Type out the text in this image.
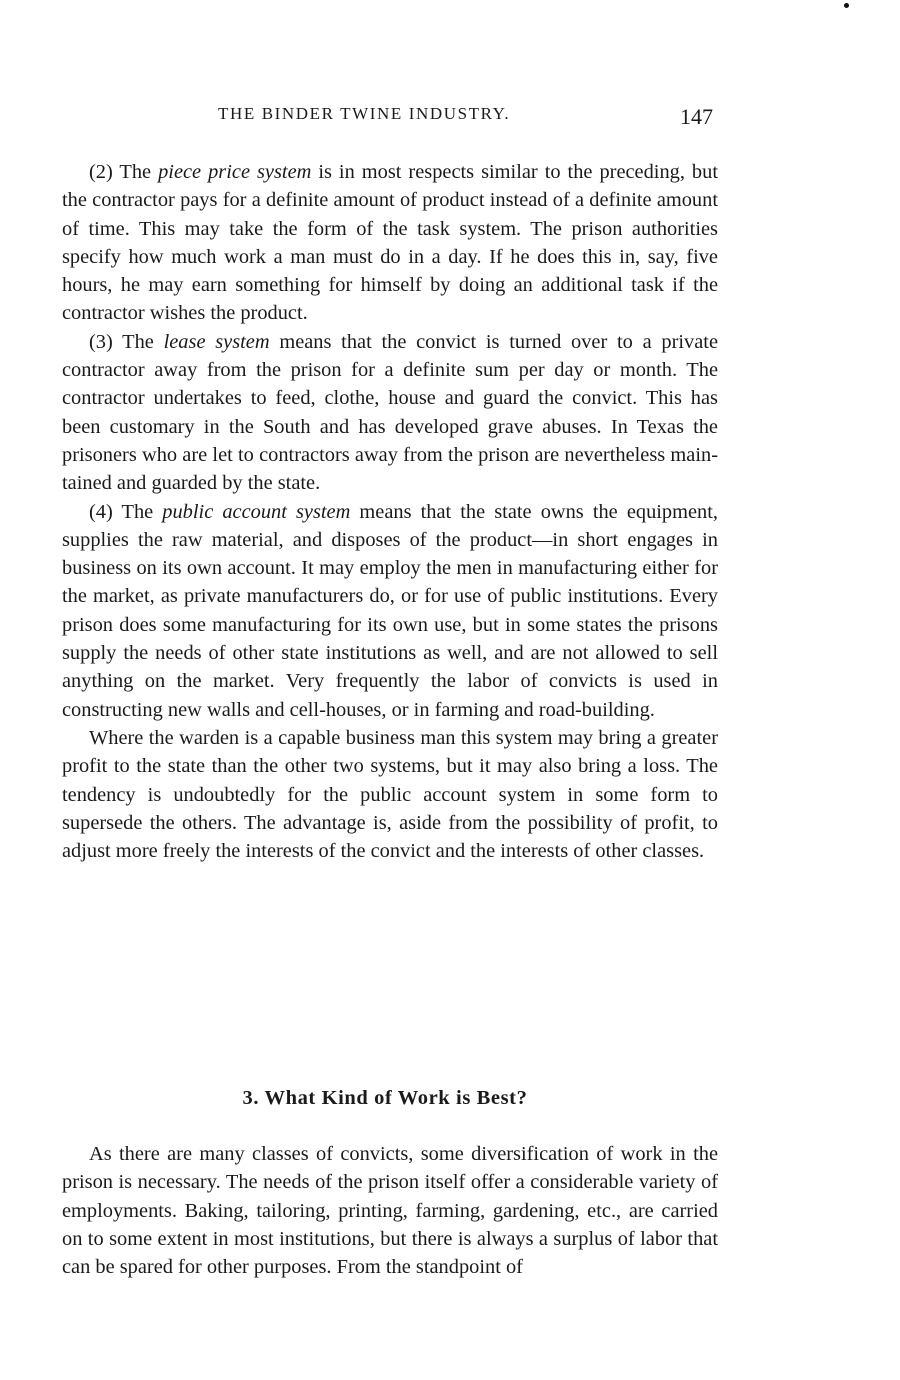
THE BINDER TWINE INDUSTRY.	147

(2) The piece price system is in most respects similar to the preceding, but the contractor pays for a definite amount of product instead of a definite amount of time. This may take the form of the task system. The prison authorities specify how much work a man must do in a day. If he does this in, say, five hours, he may earn something for himself by doing an additional task if the contractor wishes the product.

(3) The lease system means that the convict is turned over to a private contractor away from the prison for a definite sum per day or month. The contractor undertakes to feed, clothe, house and guard the convict. This has been customary in the South and has developed grave abuses. In Texas the prisoners who are let to contractors away from the prison are nevertheless maintained and guarded by the state.

(4) The public account system means that the state owns the equipment, supplies the raw material, and disposes of the product—in short engages in business on its own account. It may employ the men in manufacturing either for the market, as private manufacturers do, or for use of public institutions. Every prison does some manufacturing for its own use, but in some states the prisons supply the needs of other state institutions as well, and are not allowed to sell anything on the market. Very frequently the labor of convicts is used in constructing new walls and cell-houses, or in farming and road-building.

Where the warden is a capable business man this system may bring a greater profit to the state than the other two systems, but it may also bring a loss. The tendency is undoubtedly for the public account system in some form to supersede the others. The advantage is, aside from the possibility of profit, to adjust more freely the interests of the convict and the interests of other classes.

3. What Kind of Work is Best?

As there are many classes of convicts, some diversification of work in the prison is necessary. The needs of the prison itself offer a considerable variety of employments. Baking, tailoring, printing, farming, gardening, etc., are carried on to some extent in most institutions, but there is always a surplus of labor that can be spared for other purposes. From the standpoint of
